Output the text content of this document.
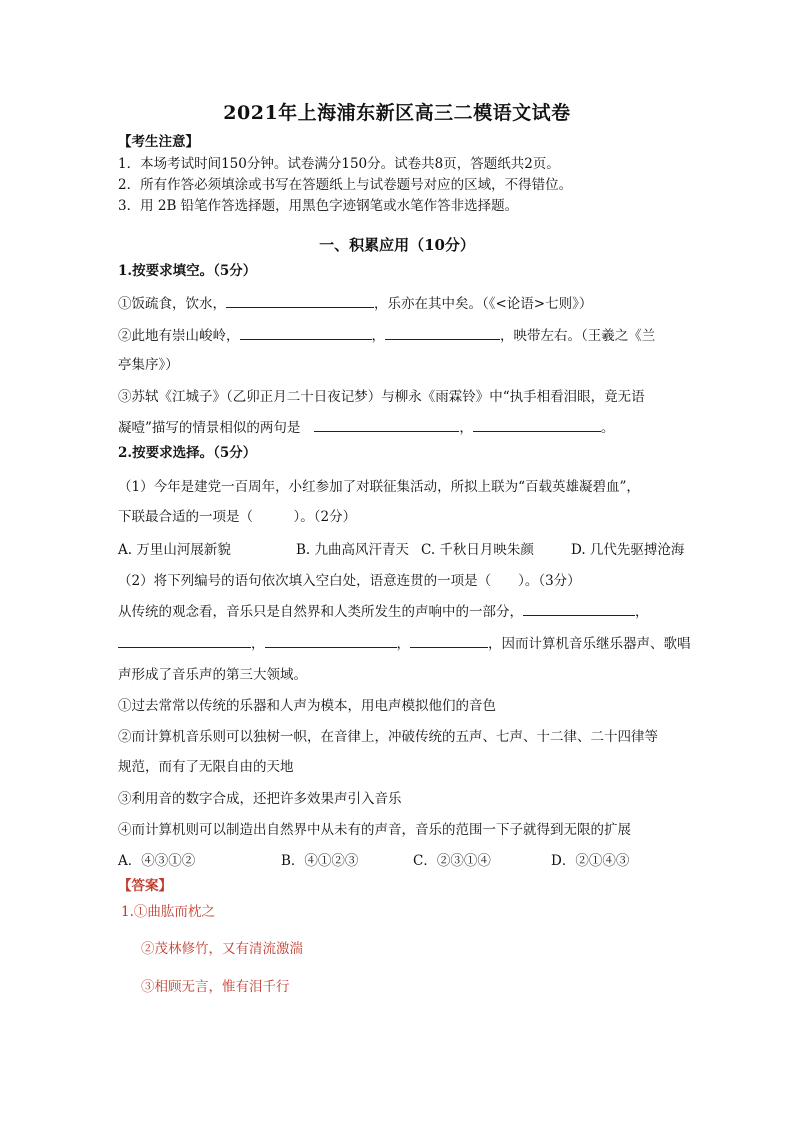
2021年上海浦东新区高三二模语文试卷
【考生注意】
1．本场考试时间150分钟。试卷满分150分。试卷共8页，答题纸共2页。
2．所有作答必须填涂或书写在答题纸上与试卷题号对应的区域，不得错位。
3．用 2B 铅笔作答选择题，用黑色字迹钢笔或水笔作答非选择题。
一、积累应用（10分）
1.按要求填空。（5分）
①饭疏食，饮水，	，乐亦在其中矣。（《<论语>七则》）
②此地有崇山峻岭，	，	，映带左右。（王羲之《兰
亭集序》）
③苏轼《江城子》（乙卯正月二十日夜记梦）与柳永《雨霖铃》中“执手相看泪眼，竟无语
凝噎”描写的情景相似的两句是	，	。
2.按要求选择。（5分）
（1）今年是建党一百周年，小红参加了对联征集活动，所拟上联为“百载英雄凝碧血”，
下联最合适的一项是（　　　）。（2分）
A. 万里山河展新貌	B. 九曲高风汗青天 C. 千秋日月映朱颜	D. 几代先驱搏沧海
（2）将下列编号的语句依次填入空白处，语意连贯的一项是（　　）。（3分）
从传统的观念看，音乐只是自然界和人类所发生的声响中的一部分，	，
，	，	，因而计算机音乐继乐器声、歌唱
声形成了音乐声的第三大领域。
①过去常常以传统的乐器和人声为模本，用电声模拟他们的音色
②而计算机音乐则可以独树一帜，在音律上，冲破传统的五声、七声、十二律、二十四律等
规范，而有了无限自由的天地
③利用音的数字合成，还把许多效果声引入音乐
④而计算机则可以制造出自然界中从未有的声音，音乐的范围一下子就得到无限的扩展
A．④③①②	B．④①②③	C．②③①④	D．②①④③
【答案】
1.①曲肱而枕之
②茂林修竹，又有清流激湍
③相顾无言，惟有泪千行
